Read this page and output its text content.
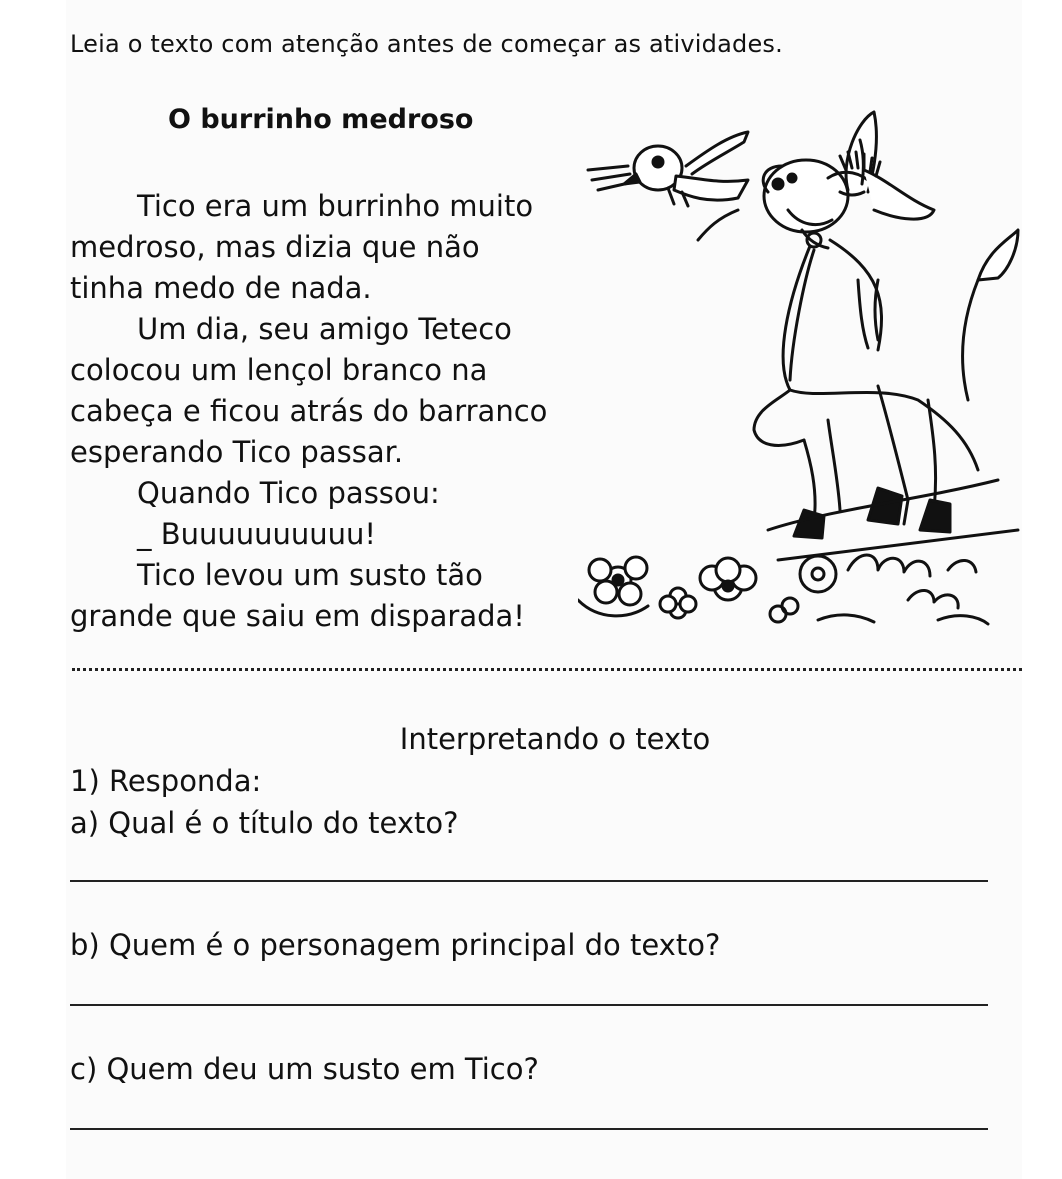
Leia o texto com atenção antes de começar as atividades.
O burrinho medroso

Tico era um burrinho muito

medroso, mas dizia que não

tinha medo de nada.

Um dia, seu amigo Teteco

colocou um lençol branco na

cabeça e ficou atrás do barranco

esperando Tico passar.

Quando Tico passou:

_ Buuuuuuuuuu!

Tico levou um susto tão

grande que saiu em disparada!

Interpretando o texto
1) Responda:
a) Qual é o título do texto?
b) Quem é o personagem principal do texto?
c) Quem deu um susto em Tico?
